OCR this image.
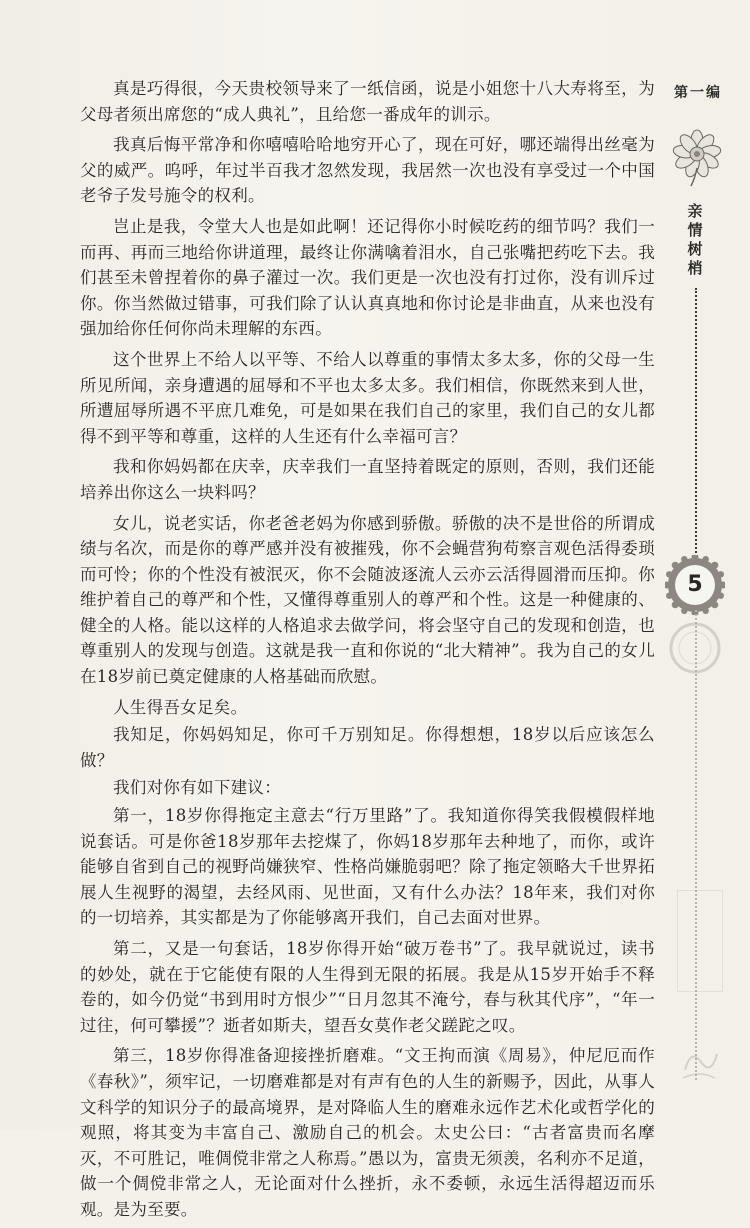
真是巧得很，今天贵校领导来了一纸信函，说是小姐您十八大寿将至，为父母者须出席您的“成人典礼”，且给您一番成年的训示。

我真后悔平常净和你嘻嘻哈哈地穷开心了，现在可好，哪还端得出丝毫为父的威严。呜呼，年过半百我才忽然发现，我居然一次也没有享受过一个中国老爷子发号施令的权利。

岂止是我，令堂大人也是如此啊！还记得你小时候吃药的细节吗？我们一而再、再而三地给你讲道理，最终让你满噙着泪水，自己张嘴把药吃下去。我们甚至未曾捏着你的鼻子灌过一次。我们更是一次也没有打过你，没有训斥过你。你当然做过错事，可我们除了认认真真地和你讨论是非曲直，从来也没有强加给你任何你尚未理解的东西。

这个世界上不给人以平等、不给人以尊重的事情太多太多，你的父母一生所见所闻，亲身遭遇的屈辱和不平也太多太多。我们相信，你既然来到人世，所遭屈辱所遇不平庶几难免，可是如果在我们自己的家里，我们自己的女儿都得不到平等和尊重，这样的人生还有什么幸福可言？

我和你妈妈都在庆幸，庆幸我们一直坚持着既定的原则，否则，我们还能培养出你这么一块料吗？

女儿，说老实话，你老爸老妈为你感到骄傲。骄傲的决不是世俗的所谓成绩与名次，而是你的尊严感并没有被摧残，你不会蝇营狗苟察言观色活得委琐而可怜；你的个性没有被泯灭，你不会随波逐流人云亦云活得圆滑而压抑。你维护着自己的尊严和个性，又懂得尊重别人的尊严和个性。这是一种健康的、健全的人格。能以这样的人格追求去做学问，将会坚守自己的发现和创造，也尊重别人的发现与创造。这就是我一直和你说的“北大精神”。我为自己的女儿在18岁前已奠定健康的人格基础而欣慰。

人生得吾女足矣。

我知足，你妈妈知足，你可千万别知足。你得想想，18岁以后应该怎么做？

我们对你有如下建议：

第一，18岁你得拖定主意去“行万里路”了。我知道你得笑我假模假样地说套话。可是你爸18岁那年去挖煤了，你妈18岁那年去种地了，而你，或许能够自省到自己的视野尚嫌狭窄、性格尚嫌脆弱吧？除了拖定领略大千世界拓展人生视野的渴望，去经风雨、见世面，又有什么办法？18年来，我们对你的一切培养，其实都是为了你能够离开我们，自己去面对世界。

第二，又是一句套话，18岁你得开始“破万卷书”了。我早就说过，读书的妙处，就在于它能使有限的人生得到无限的拓展。我是从15岁开始手不释卷的，如今仍觉“书到用时方恨少”“日月忽其不淹兮，春与秋其代序”，“年一过往，何可攀援”？逝者如斯夫，望吾女莫作老父蹉跎之叹。

第三，18岁你得准备迎接挫折磨难。“文王拘而演《周易》，仲尼厄而作《春秋》”，须牢记，一切磨难都是对有声有色的人生的新赐予，因此，从事人文科学的知识分子的最高境界，是对降临人生的磨难永远作艺术化或哲学化的观照，将其变为丰富自己、激励自己的机会。太史公曰：“古者富贵而名摩灭，不可胜记，唯倜傥非常之人称焉。”愚以为，富贵无须羡，名利亦不足道，做一个倜傥非常之人，无论面对什么挫折，永不委顿，永远生活得超迈而乐观。是为至要。

第一编
亲情树梢
5
